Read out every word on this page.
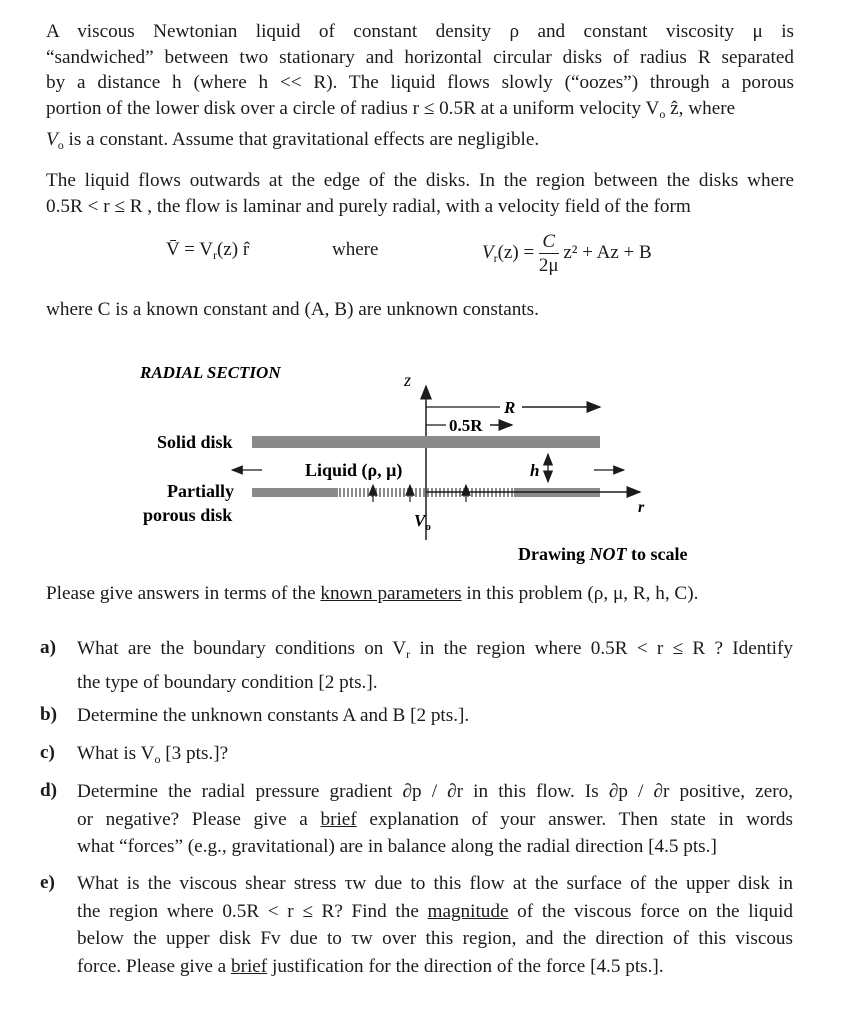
A viscous Newtonian liquid of constant density ρ and constant viscosity μ is
“sandwiched” between two stationary and horizontal circular disks of radius R separated
by a distance h (where h << R). The liquid flows slowly (“oozes”) through a porous
portion of the lower disk over a circle of radius r ≤ 0.5R at a uniform velocity $V_o$ ẑ, where
$V_o$ is a constant. Assume that gravitational effects are negligible.
The liquid flows outwards at the edge of the disks. In the region between the disks where
0.5R < r ≤ R , the flow is laminar and purely radial, with a velocity field of the form
V̄ = $V_r(z)$ r̂	where	$V_r(z) = \frac{C}{2\mu} z^2 + Az + B$
where C is a known constant and (A, B) are unknown constants.
RADIAL SECTION	z
R
0.5R
Solid disk
Liquid (ρ, μ)	h
Partially
porous disk	r
$V_o$
Drawing NOT to scale
Please give answers in terms of the known parameters in this problem (ρ, μ, R, h, C).
a) What are the boundary conditions on $V_r$ in the region where 0.5R < r ≤ R ? Identify
the type of boundary condition [2 pts.].
b) Determine the unknown constants A and B [2 pts.].
c) What is $V_o$ [3 pts.]?
d) Determine the radial pressure gradient ∂p / ∂r in this flow. Is ∂p / ∂r positive, zero,
or negative? Please give a brief explanation of your answer. Then state in words
what “forces” (e.g., gravitational) are in balance along the radial direction [4.5 pts.]
e) What is the viscous shear stress τw due to this flow at the surface of the upper disk in
the region where 0.5R < r ≤ R? Find the magnitude of the viscous force on the liquid
below the upper disk Fv due to τw over this region, and the direction of this viscous
force. Please give a brief justification for the direction of the force [4.5 pts.].
